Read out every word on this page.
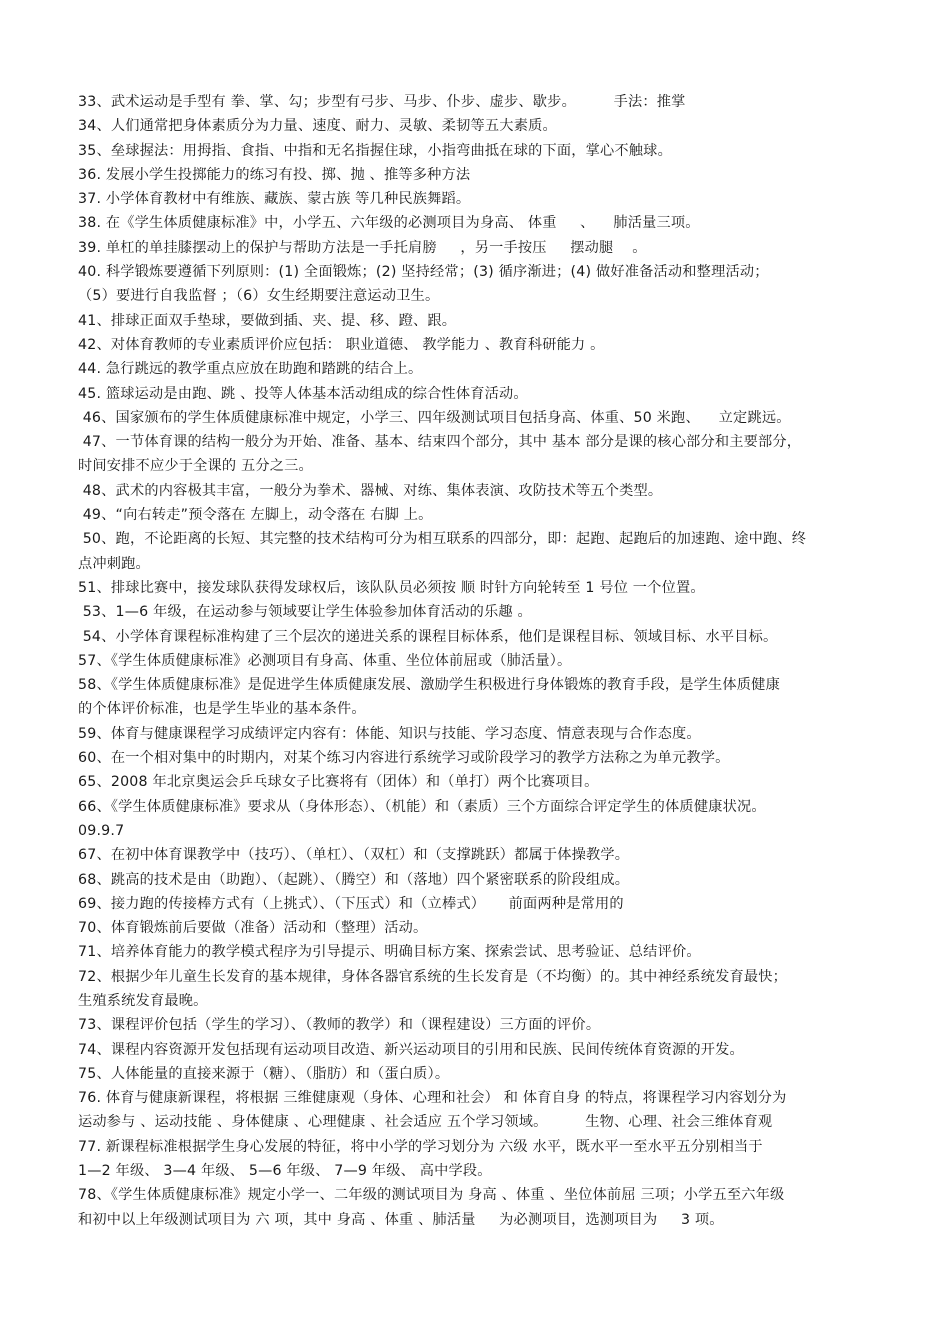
33、武术运动是手型有 拳、掌、勾；步型有弓步、马步、仆步、虚步、歇步。        手法：推掌
34、人们通常把身体素质分为力量、速度、耐力、灵敏、柔韧等五大素质。
35、垒球握法：用拇指、食指、中指和无名指握住球，小指弯曲抵在球的下面，掌心不触球。
36. 发展小学生投掷能力的练习有投、掷、抛 、推等多种方法
37. 小学体育教材中有维族、藏族、蒙古族 等几种民族舞蹈。
38. 在《学生体质健康标准》中，小学五、六年级的必测项目为身高、 体重     、    肺活量三项。
39. 单杠的单挂膝摆动上的保护与帮助方法是一手托肩膀     ，另一手按压     摆动腿    。
40. 科学锻炼要遵循下列原则：(1) 全面锻炼；(2) 坚持经常；(3) 循序渐进；(4) 做好准备活动和整理活动；
（5）要进行自我监督 ；（6）女生经期要注意运动卫生。
41、排球正面双手垫球，要做到插、夹、提、移、蹬、跟。
42、对体育教师的专业素质评价应包括： 职业道德、 教学能力 、教育科研能力 。
44. 急行跳远的教学重点应放在助跑和踏跳的结合上。
45. 篮球运动是由跑、跳 、投等人体基本活动组成的综合性体育活动。
46、国家颁布的学生体质健康标准中规定，小学三、四年级测试项目包括身高、体重、50 米跑、    立定跳远。
47、一节体育课的结构一般分为开始、准备、基本、结束四个部分，其中 基本 部分是课的核心部分和主要部分，
时间安排不应少于全课的 五分之三。
48、武术的内容极其丰富，一般分为拳术、器械、对练、集体表演、攻防技术等五个类型。
49、“向右转走”预令落在 左脚上，动令落在 右脚 上。
50、跑，不论距离的长短、其完整的技术结构可分为相互联系的四部分，即：起跑、起跑后的加速跑、途中跑、终
点冲刺跑。
51、排球比赛中，接发球队获得发球权后，该队队员必须按 顺 时针方向轮转至 1 号位 一个位置。
53、1—6 年级，在运动参与领域要让学生体验参加体育活动的乐趣 。
54、小学体育课程标准构建了三个层次的递进关系的课程目标体系，他们是课程目标、领域目标、水平目标。
57、《学生体质健康标准》必测项目有身高、体重、坐位体前屈或（肺活量）。
58、《学生体质健康标准》是促进学生体质健康发展、激励学生积极进行身体锻炼的教育手段，是学生体质健康
的个体评价标准，也是学生毕业的基本条件。
59、体育与健康课程学习成绩评定内容有：体能、知识与技能、学习态度、情意表现与合作态度。
60、在一个相对集中的时期内，对某个练习内容进行系统学习或阶段学习的教学方法称之为单元教学。
65、2008 年北京奥运会乒乓球女子比赛将有（团体）和（单打）两个比赛项目。
66、《学生体质健康标准》要求从（身体形态）、（机能）和（素质）三个方面综合评定学生的体质健康状况。
09.9.7
67、在初中体育课教学中（技巧）、（单杠）、（双杠）和（支撑跳跃）都属于体操教学。
68、跳高的技术是由（助跑）、（起跳）、（腾空）和（落地）四个紧密联系的阶段组成。
69、接力跑的传接棒方式有（上挑式）、（下压式）和（立棒式）     前面两种是常用的
70、体育锻炼前后要做（准备）活动和（整理）活动。
71、培养体育能力的教学模式程序为引导提示、明确目标方案、探索尝试、思考验证、总结评价。
72、根据少年儿童生长发育的基本规律，身体各器官系统的生长发育是（不均衡）的。其中神经系统发育最快；
生殖系统发育最晚。
73、课程评价包括（学生的学习）、（教师的教学）和（课程建设）三方面的评价。
74、课程内容资源开发包括现有运动项目改造、新兴运动项目的引用和民族、民间传统体育资源的开发。
75、人体能量的直接来源于（糖）、（脂肪）和（蛋白质）。
76. 体育与健康新课程，将根据 三维健康观（身体、心理和社会） 和 体育自身 的特点，将课程学习内容划分为
运动参与 、运动技能 、身体健康 、心理健康 、社会适应 五个学习领域。        生物、心理、社会三维体育观
77. 新课程标准根据学生身心发展的特征，将中小学的学习划分为 六级 水平，既水平一至水平五分别相当于
1—2 年级、 3—4 年级、 5—6 年级、 7—9 年级、 高中学段。
78、《学生体质健康标准》规定小学一、二年级的测试项目为 身高 、体重 、坐位体前屈 三项；小学五至六年级
和初中以上年级测试项目为 六 项，其中 身高 、体重 、肺活量     为必测项目，选测项目为     3 项。
